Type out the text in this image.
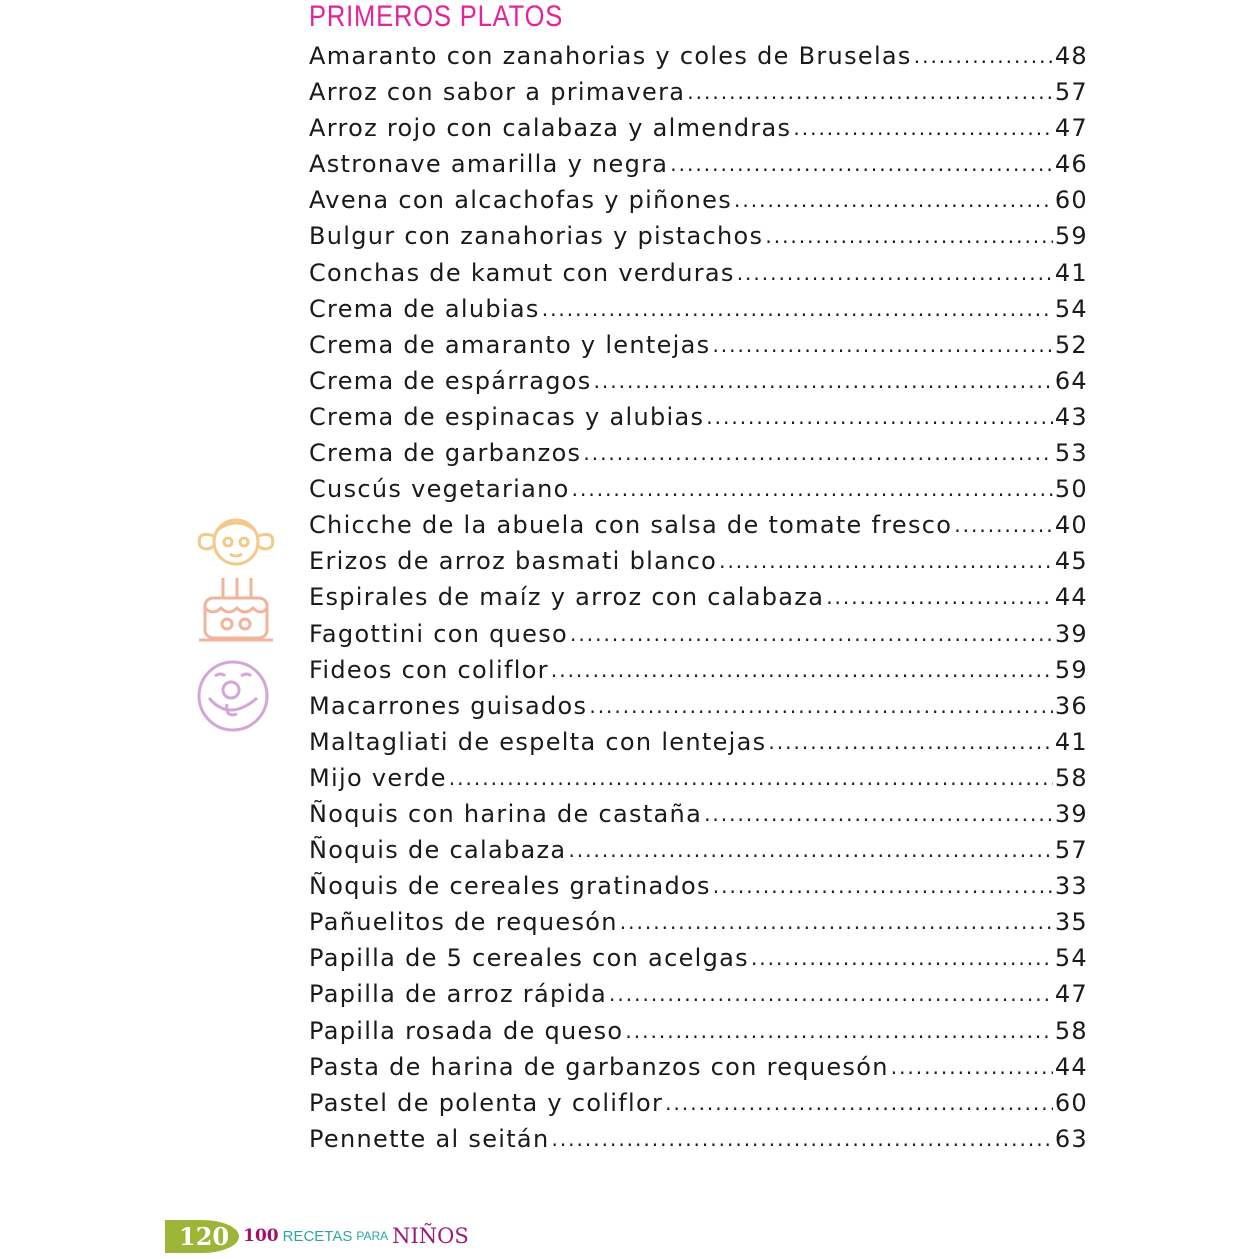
PRIMEROS PLATOS
Amaranto con zanahorias y coles de Bruselas .....	48
Arroz con sabor a primavera .....	57
Arroz rojo con calabaza y almendras .....	47
Astronave amarilla y negra .....	46
Avena con alcachofas y piñones .....	60
Bulgur con zanahorias y pistachos .....	59
Conchas de kamut con verduras .....	41
Crema de alubias .....	54
Crema de amaranto y lentejas .....	52
Crema de espárragos .....	64
Crema de espinacas y alubias .....	43
Crema de garbanzos .....	53
Cuscús vegetariano .....	50
Chicche de la abuela con salsa de tomate fresco .....	40
Erizos de arroz basmati blanco .....	45
Espirales de maíz y arroz con calabaza .....	44
Fagottini con queso .....	39
Fideos con coliflor .....	59
Macarrones guisados .....	36
Maltagliati de espelta con lentejas .....	41
Mijo verde .....	58
Ñoquis con harina de castaña .....	39
Ñoquis de calabaza .....	57
Ñoquis de cereales gratinados .....	33
Pañuelitos de requesón .....	35
Papilla de 5 cereales con acelgas .....	54
Papilla de arroz rápida .....	47
Papilla rosada de queso .....	58
Pasta de harina de garbanzos con requesón .....	44
Pastel de polenta y coliflor .....	60
Pennette al seitán .....	63
120 100 RECETAS PARA NIÑOS
